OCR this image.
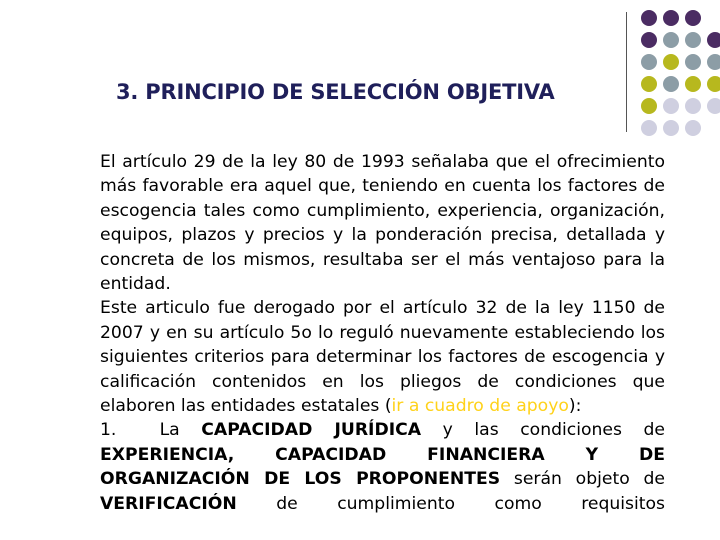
3. PRINCIPIO DE SELECCIÓN OBJETIVA

El artículo 29 de la ley 80 de 1993 señalaba que el ofrecimiento más favorable era aquel que, teniendo en cuenta los factores de escogencia tales como cumplimiento, experiencia, organización, equipos, plazos y precios y la ponderación precisa, detallada y concreta de los mismos, resultaba ser el más ventajoso para la entidad.

Este articulo fue derogado por el artículo 32 de la ley 1150 de 2007 y en su artículo 5o lo reguló nuevamente estableciendo los siguientes criterios para determinar los factores de escogencia y calificación contenidos en los pliegos de condiciones que elaboren las entidades estatales (ir a cuadro de apoyo):

1.	La CAPACIDAD JURÍDICA y las condiciones de EXPERIENCIA, CAPACIDAD FINANCIERA Y DE ORGANIZACIÓN DE LOS PROPONENTES serán objeto de VERIFICACIÓN de cumplimiento como requisitos
